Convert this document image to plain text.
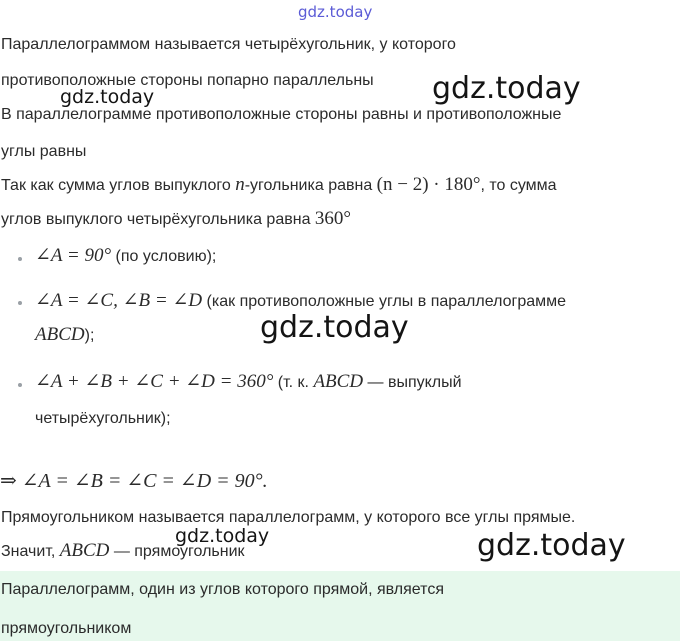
gdz.today
Параллелограммом называется четырёхугольник, у которого
противоположные стороны попарно параллельны
gdz.today	gdz.today
В параллелограмме противоположные стороны равны и противоположные
углы равны
Так как сумма углов выпуклого n-угольника равна (n − 2) · 180°, то сумма
углов выпуклого четырёхугольника равна 360°
∠A = 90° (по условию);
∠A = ∠C, ∠B = ∠D (как противоположные углы в параллелограмме
ABCD);	gdz.today
∠A + ∠B + ∠C + ∠D = 360° (т. к. ABCD — выпуклый
четырёхугольник);
⇒ ∠A = ∠B = ∠C = ∠D = 90°.
Прямоугольником называется параллелограмм, у которого все углы прямые.
Значит, ABCD — прямоугольник
gdz.today
Параллелограмм, один из углов которого прямой, является
прямоугольником
gdz.today
